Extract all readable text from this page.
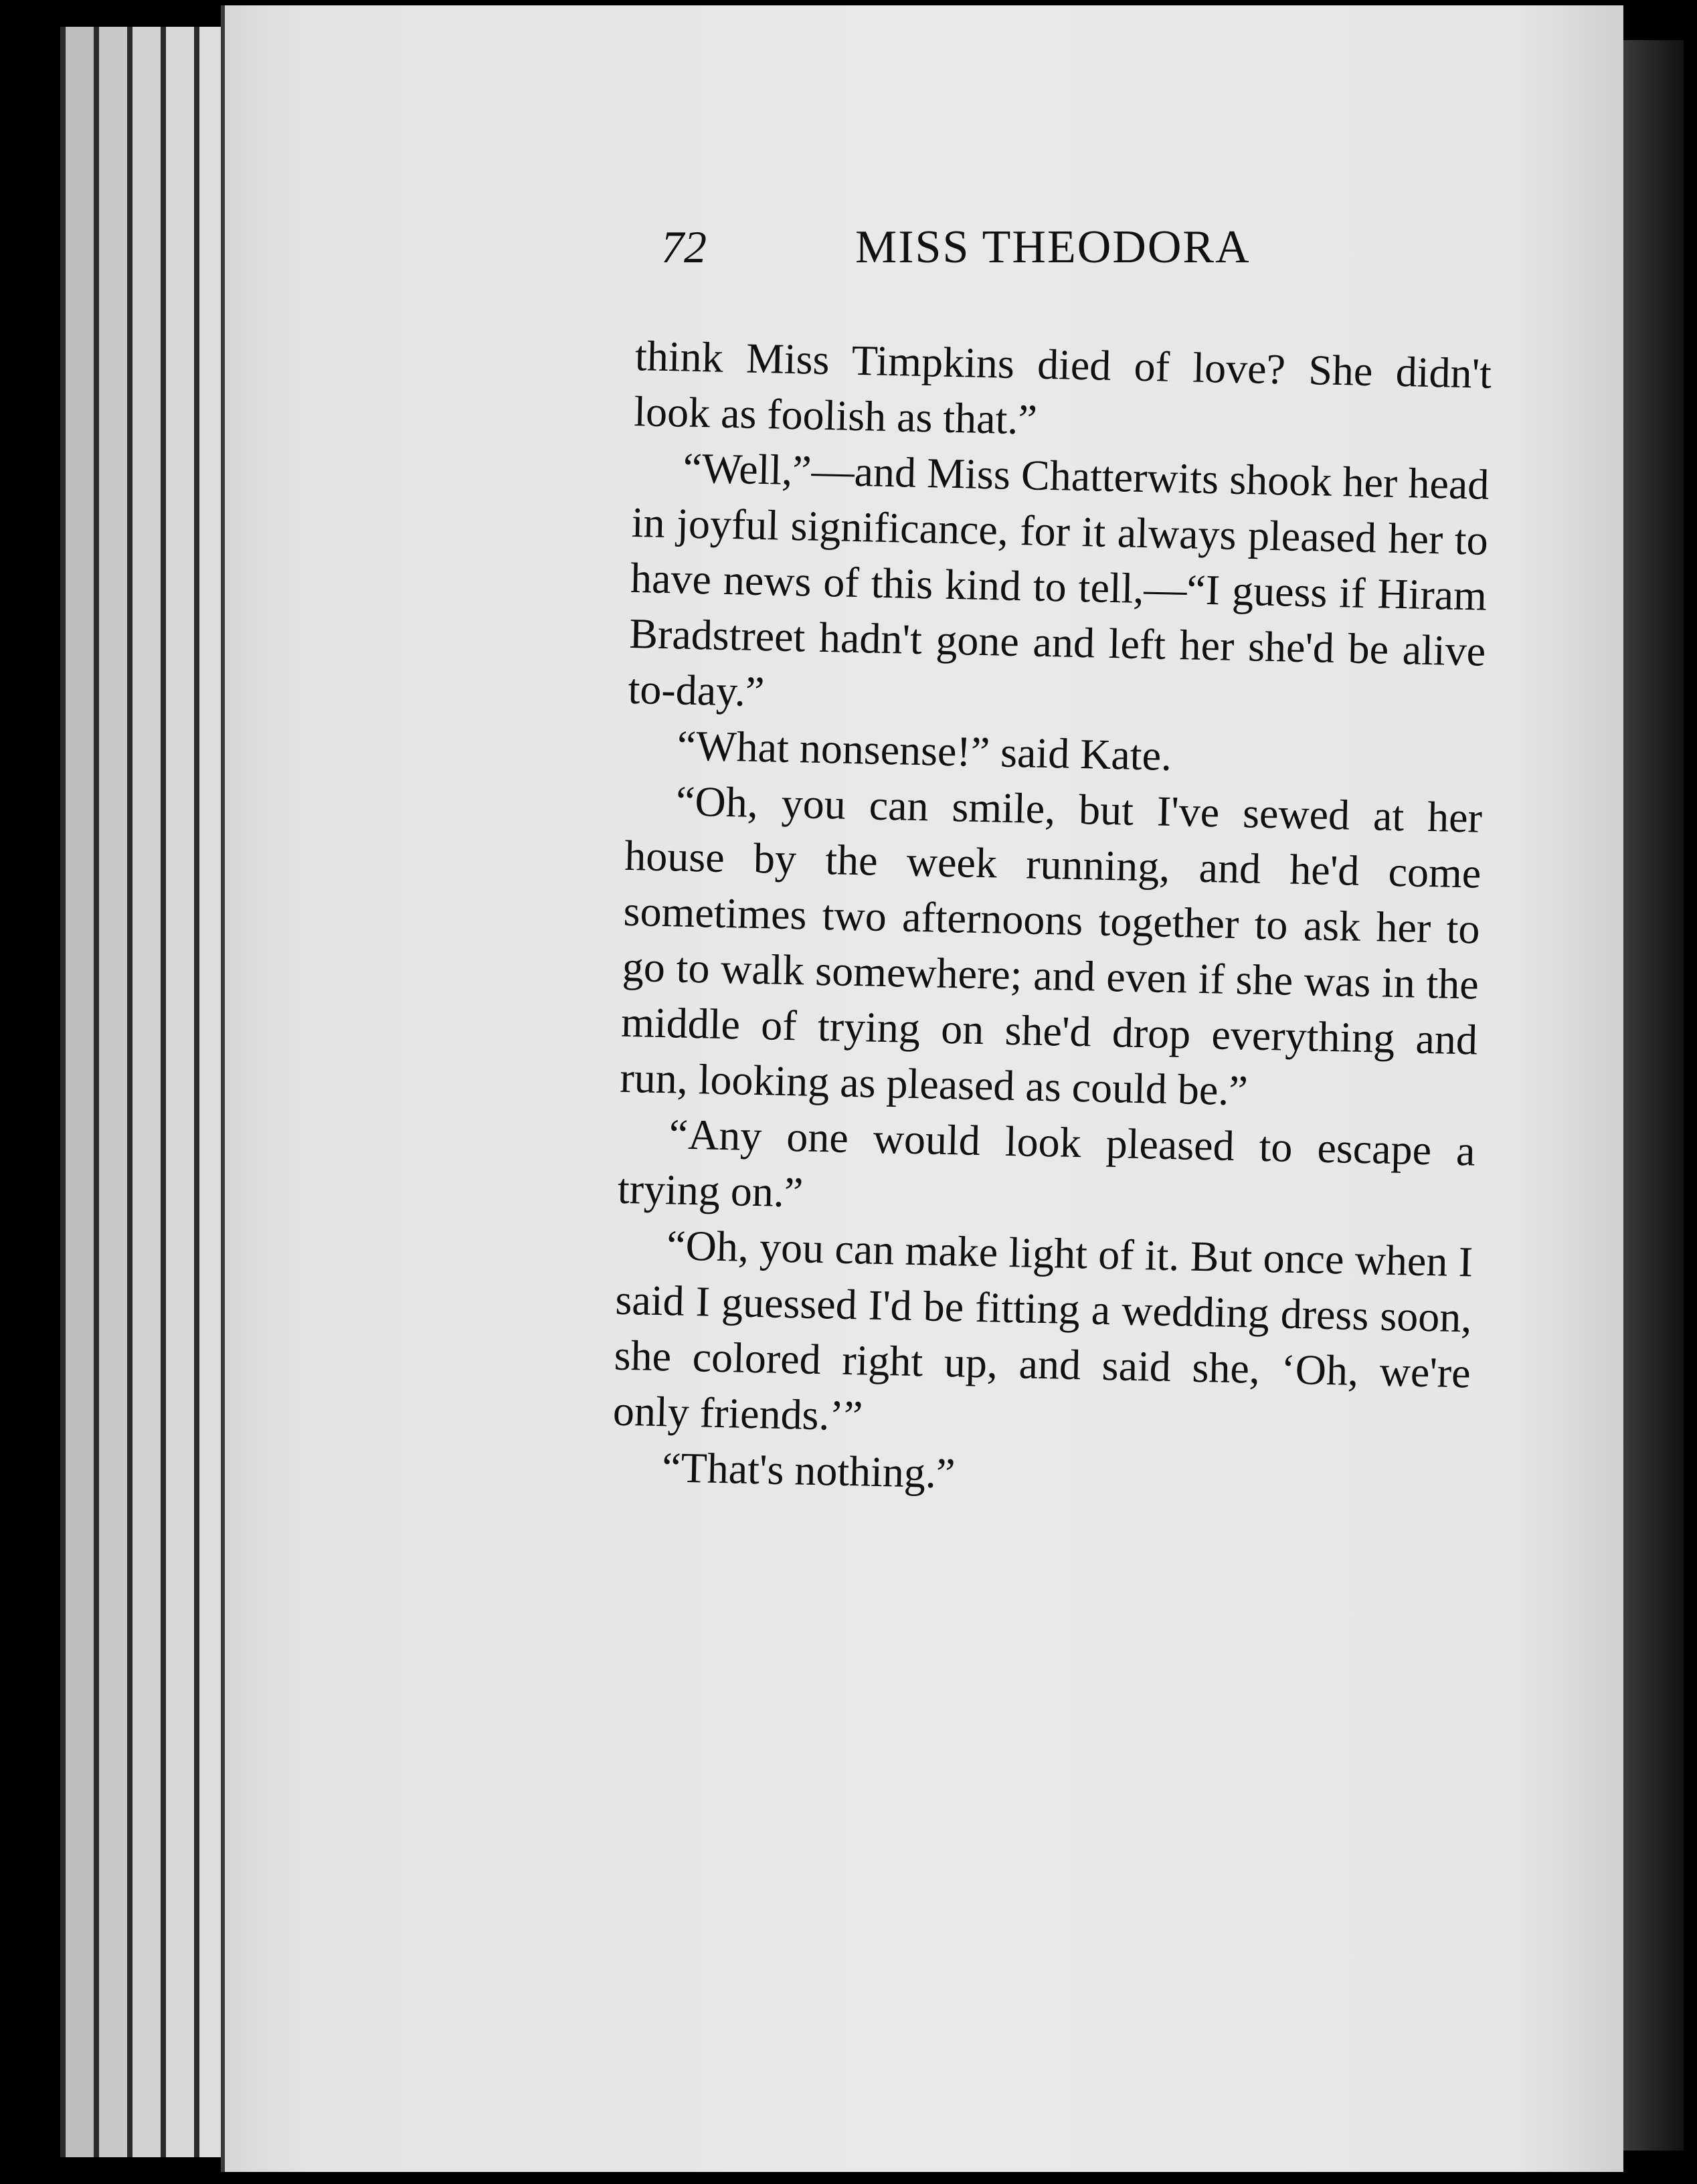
72	MISS THEODORA

think Miss Timpkins died of love? She didn't look as foolish as that.”

“Well,”—and Miss Chatterwits shook her head in joyful significance, for it always pleased her to have news of this kind to tell,—“I guess if Hiram Bradstreet hadn't gone and left her she'd be alive to-day.”

“What nonsense!” said Kate.

“Oh, you can smile, but I've sewed at her house by the week running, and he'd come sometimes two afternoons together to ask her to go to walk somewhere; and even if she was in the middle of trying on she'd drop everything and run, looking as pleased as could be.”

“Any one would look pleased to escape a trying on.”

“Oh, you can make light of it. But once when I said I guessed I'd be fitting a wedding dress soon, she colored right up, and said she, ‘Oh, we're only friends.’”

“That's nothing.”
